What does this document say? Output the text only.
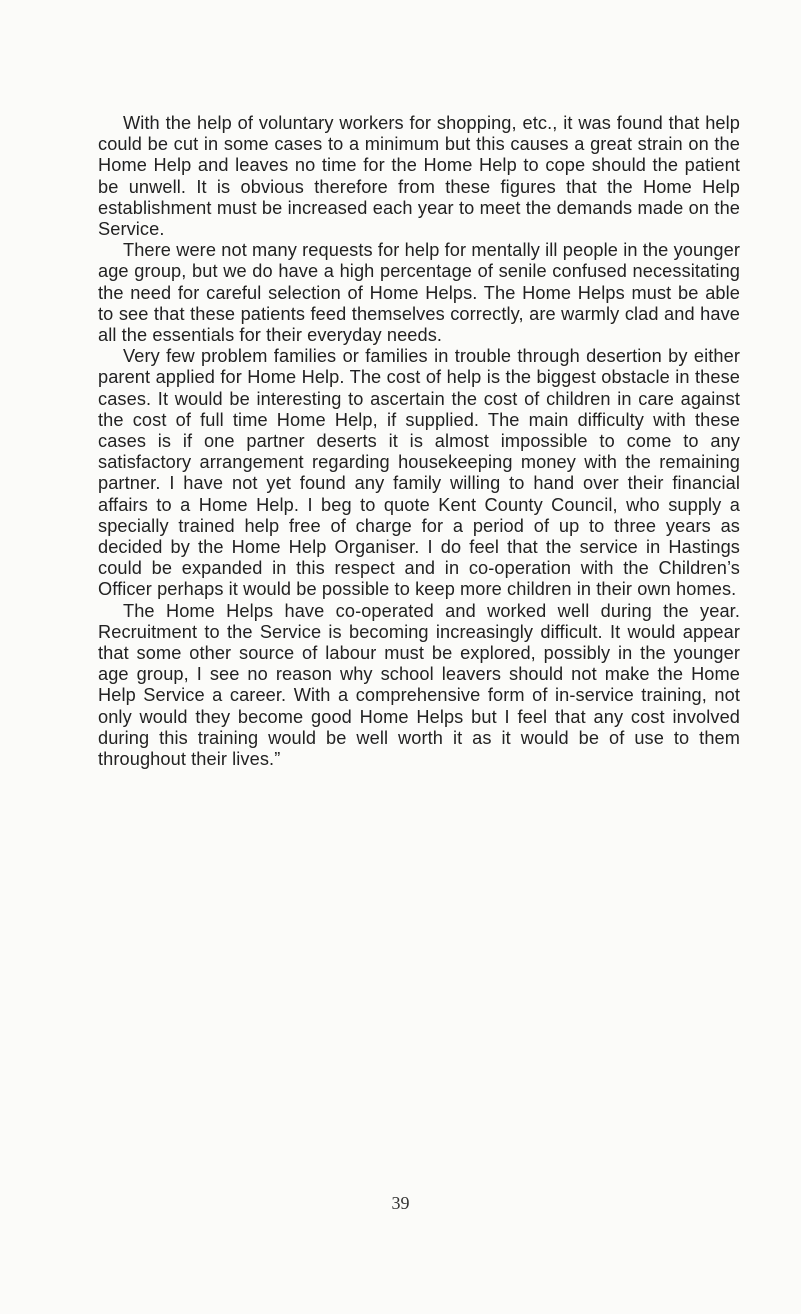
With the help of voluntary workers for shopping, etc., it was found that help could be cut in some cases to a minimum but this causes a great strain on the Home Help and leaves no time for the Home Help to cope should the patient be unwell. It is obvious therefore from these figures that the Home Help establishment must be increased each year to meet the demands made on the Service.

There were not many requests for help for mentally ill people in the younger age group, but we do have a high percentage of senile confused necessitating the need for careful selection of Home Helps. The Home Helps must be able to see that these patients feed themselves correctly, are warmly clad and have all the essentials for their everyday needs.

Very few problem families or families in trouble through desertion by either parent applied for Home Help. The cost of help is the biggest obstacle in these cases. It would be interesting to ascertain the cost of children in care against the cost of full time Home Help, if supplied. The main difficulty with these cases is if one partner deserts it is almost impossible to come to any satisfactory arrangement regarding housekeeping money with the remaining partner. I have not yet found any family willing to hand over their financial affairs to a Home Help. I beg to quote Kent County Council, who supply a specially trained help free of charge for a period of up to three years as decided by the Home Help Organiser. I do feel that the service in Hastings could be expanded in this respect and in co-operation with the Children’s Officer perhaps it would be possible to keep more children in their own homes.

The Home Helps have co-operated and worked well during the year. Recruitment to the Service is becoming increasingly difficult. It would appear that some other source of labour must be explored, possibly in the younger age group, I see no reason why school leavers should not make the Home Help Service a career. With a comprehensive form of in-service training, not only would they become good Home Helps but I feel that any cost involved during this training would be well worth it as it would be of use to them throughout their lives.”

39
